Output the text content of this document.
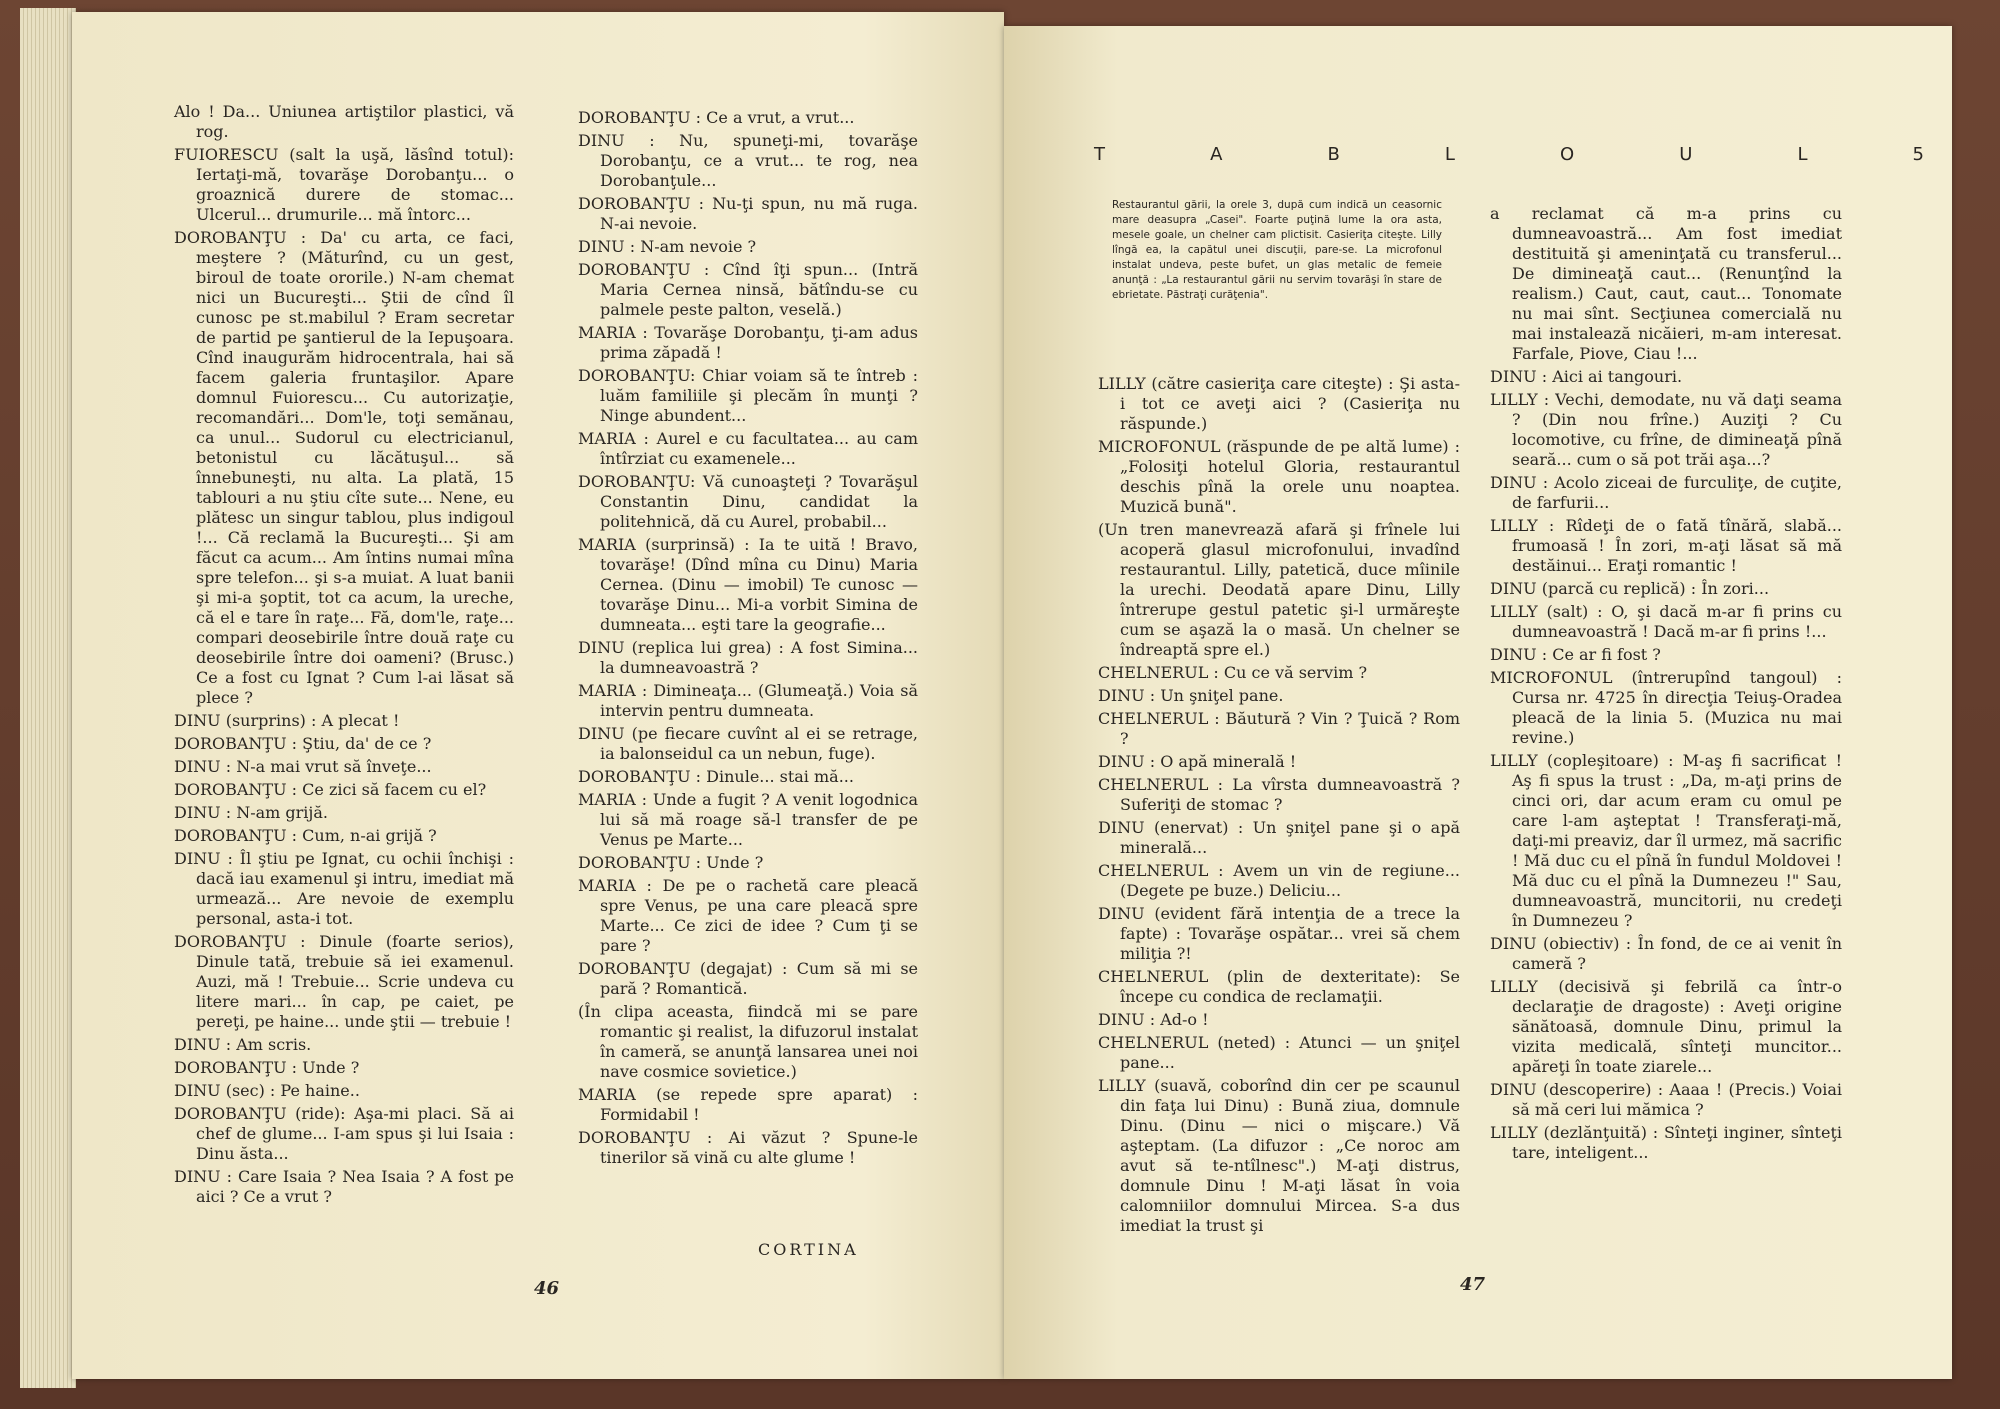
Alo ! Da... Uniunea artiştilor plastici, vă rog.

FUIORESCU (salt la uşă, lăsînd totul): Iertaţi-mă, tovarăşe Dorobanţu... o groaznică durere de stomac... Ulcerul... drumurile... mă întorc...

DOROBANŢU : Da' cu arta, ce faci, meştere ? (Măturînd, cu un gest, biroul de toate ororile.) N-am chemat nici un Bucureşti... Ştii de cînd îl cunosc pe st.mabilul ? Eram secretar de partid pe şantierul de la Iepuşoara. Cînd inaugurăm hidrocentrala, hai să facem galeria fruntaşilor. Apare domnul Fuiorescu... Cu autorizaţie, recomandări... Dom'le, toţi semănau, ca unul... Sudorul cu electricianul, betonistul cu lăcătuşul... să înnebuneşti, nu alta. La plată, 15 tablouri a nu ştiu cîte sute... Nene, eu plătesc un singur tablou, plus indigoul !... Că reclamă la Bucureşti... Şi am făcut ca acum... Am întins numai mîna spre telefon... şi s-a muiat. A luat banii şi mi-a şoptit, tot ca acum, la ureche, că el e tare în raţe... Fă, dom'le, raţe... compari deosebirile între două raţe cu deosebirile între doi oameni? (Brusc.) Ce a fost cu Ignat ? Cum l-ai lăsat să plece ?

DINU (surprins) : A plecat !

DOROBANŢU : Ştiu, da' de ce ?

DINU : N-a mai vrut să înveţe...

DOROBANŢU : Ce zici să facem cu el?

DINU : N-am grijă.

DOROBANŢU : Cum, n-ai grijă ?

DINU : Îl ştiu pe Ignat, cu ochii închişi : dacă iau examenul şi intru, imediat mă urmează... Are nevoie de exemplu personal, asta-i tot.

DOROBANŢU : Dinule (foarte serios), Dinule tată, trebuie să iei examenul. Auzi, mă ! Trebuie... Scrie undeva cu litere mari... în cap, pe caiet, pe pereţi, pe haine... unde ştii — trebuie !

DINU : Am scris.

DOROBANŢU : Unde ?

DINU (sec) : Pe haine..

DOROBANŢU (ride): Aşa-mi placi. Să ai chef de glume... I-am spus şi lui Isaia : Dinu ăsta...

DINU : Care Isaia ? Nea Isaia ? A fost pe aici ? Ce a vrut ?

DOROBANŢU : Ce a vrut, a vrut...

DINU : Nu, spuneţi-mi, tovarăşe Dorobanţu, ce a vrut... te rog, nea Dorobanţule...

DOROBANŢU : Nu-ţi spun, nu mă ruga. N-ai nevoie.

DINU : N-am nevoie ?

DOROBANŢU : Cînd îţi spun... (Intră Maria Cernea ninsă, bătîndu-se cu palmele peste palton, veselă.)

MARIA : Tovarăşe Dorobanţu, ţi-am adus prima zăpadă !

DOROBANŢU: Chiar voiam să te întreb : luăm familiile şi plecăm în munţi ? Ninge abundent...

MARIA : Aurel e cu facultatea... au cam întîrziat cu examenele...

DOROBANŢU: Vă cunoaşteţi ? Tovarăşul Constantin Dinu, candidat la politehnică, dă cu Aurel, probabil...

MARIA (surprinsă) : Ia te uită ! Bravo, tovarăşe! (Dînd mîna cu Dinu) Maria Cernea. (Dinu — imobil) Te cunosc — tovarăşe Dinu... Mi-a vorbit Simina de dumneata... eşti tare la geografie...

DINU (replica lui grea) : A fost Simina... la dumneavoastră ?

MARIA : Dimineaţa... (Glumeaţă.) Voia să intervin pentru dumneata.

DINU (pe fiecare cuvînt al ei se retrage, ia balonseidul ca un nebun, fuge).

DOROBANŢU : Dinule... stai mă...

MARIA : Unde a fugit ? A venit logodnica lui să mă roage să-l transfer de pe Venus pe Marte...

DOROBANŢU : Unde ?

MARIA : De pe o rachetă care pleacă spre Venus, pe una care pleacă spre Marte... Ce zici de idee ? Cum ţi se pare ?

DOROBANŢU (degajat) : Cum să mi se pară ? Romantică.

(În clipa aceasta, fiindcă mi se pare romantic şi realist, la difuzorul instalat în cameră, se anunţă lansarea unei noi nave cosmice sovietice.)

MARIA (se repede spre aparat) : Formidabil !

DOROBANŢU : Ai văzut ? Spune-le tinerilor să vină cu alte glume !

CORTINA
46
T	A	B	L	O	U	L	5
Restaurantul gării, la orele 3, după cum indică un ceasornic mare deasupra „Casei". Foarte puţină lume la ora asta, mesele goale, un chelner cam plictisit. Casieriţa citeşte. Lilly lîngă ea, la capătul unei discuţii, pare-se. La microfonul instalat undeva, peste bufet, un glas metalic de femeie anunţă : „La restaurantul gării nu servim tovarăşi în stare de ebrietate. Păstraţi curăţenia".

LILLY (către casieriţa care citeşte) : Şi asta-i tot ce aveţi aici ? (Casieriţa nu răspunde.)

MICROFONUL (răspunde de pe altă lume) : „Folosiţi hotelul Gloria, restaurantul deschis pînă la orele unu noaptea. Muzică bună".

(Un tren manevrează afară şi frînele lui acoperă glasul microfonului, invadînd restaurantul. Lilly, patetică, duce mîinile la urechi. Deodată apare Dinu, Lilly întrerupe gestul patetic şi-l urmăreşte cum se aşază la o masă. Un chelner se îndreaptă spre el.)

CHELNERUL : Cu ce vă servim ?

DINU : Un şniţel pane.

CHELNERUL : Băutură ? Vin ? Ţuică ? Rom ?

DINU : O apă minerală !

CHELNERUL : La vîrsta dumneavoastră ? Suferiţi de stomac ?

DINU (enervat) : Un şniţel pane şi o apă minerală...

CHELNERUL : Avem un vin de regiune... (Degete pe buze.) Deliciu...

DINU (evident fără intenţia de a trece la fapte) : Tovarăşe ospătar... vrei să chem miliţia ?!

CHELNERUL (plin de dexteritate): Se începe cu condica de reclamaţii.

DINU : Ad-o !

CHELNERUL (neted) : Atunci — un şniţel pane...

LILLY (suavă, coborînd din cer pe scaunul din faţa lui Dinu) : Bună ziua, domnule Dinu. (Dinu — nici o mişcare.) Vă aşteptam. (La difuzor : „Ce noroc am avut să te-ntîlnesc".) M-aţi distrus, domnule Dinu ! M-aţi lăsat în voia calomniilor domnului Mircea. S-a dus imediat la trust şi

a reclamat că m-a prins cu dumneavoastră... Am fost imediat destituită şi ameninţată cu transferul... De dimineaţă caut... (Renunţînd la realism.) Caut, caut, caut... Tonomate nu mai sînt. Secţiunea comercială nu mai instalează nicăieri, m-am interesat. Farfale, Piove, Ciau !...

DINU : Aici ai tangouri.

LILLY : Vechi, demodate, nu vă daţi seama ? (Din nou frîne.) Auziţi ? Cu locomotive, cu frîne, de dimineaţă pînă seară... cum o să pot trăi aşa...?

DINU : Acolo ziceai de furculiţe, de cuţite, de farfurii...

LILLY : Rîdeţi de o fată tînără, slabă... frumoasă ! În zori, m-aţi lăsat să mă destăinui... Eraţi romantic !

DINU (parcă cu replică) : În zori...

LILLY (salt) : O, şi dacă m-ar fi prins cu dumneavoastră ! Dacă m-ar fi prins !...

DINU : Ce ar fi fost ?

MICROFONUL (întrerupînd tangoul) : Cursa nr. 4725 în direcţia Teiuş-Oradea pleacă de la linia 5. (Muzica nu mai revine.)

LILLY (copleşitoare) : M-aş fi sacrificat ! Aş fi spus la trust : „Da, m-aţi prins de cinci ori, dar acum eram cu omul pe care l-am aşteptat ! Transferaţi-mă, daţi-mi preaviz, dar îl urmez, mă sacrific ! Mă duc cu el pînă în fundul Moldovei ! Mă duc cu el pînă la Dumnezeu !" Sau, dumneavoastră, muncitorii, nu credeţi în Dumnezeu ?

DINU (obiectiv) : În fond, de ce ai venit în cameră ?

LILLY (decisivă şi febrilă ca într-o declaraţie de dragoste) : Aveţi origine sănătoasă, domnule Dinu, primul la vizita medicală, sînteţi muncitor... apăreţi în toate ziarele...

DINU (descoperire) : Aaaa ! (Precis.) Voiai să mă ceri lui mămica ?

LILLY (dezlănţuită) : Sînteţi inginer, sînteţi tare, inteligent...

47
